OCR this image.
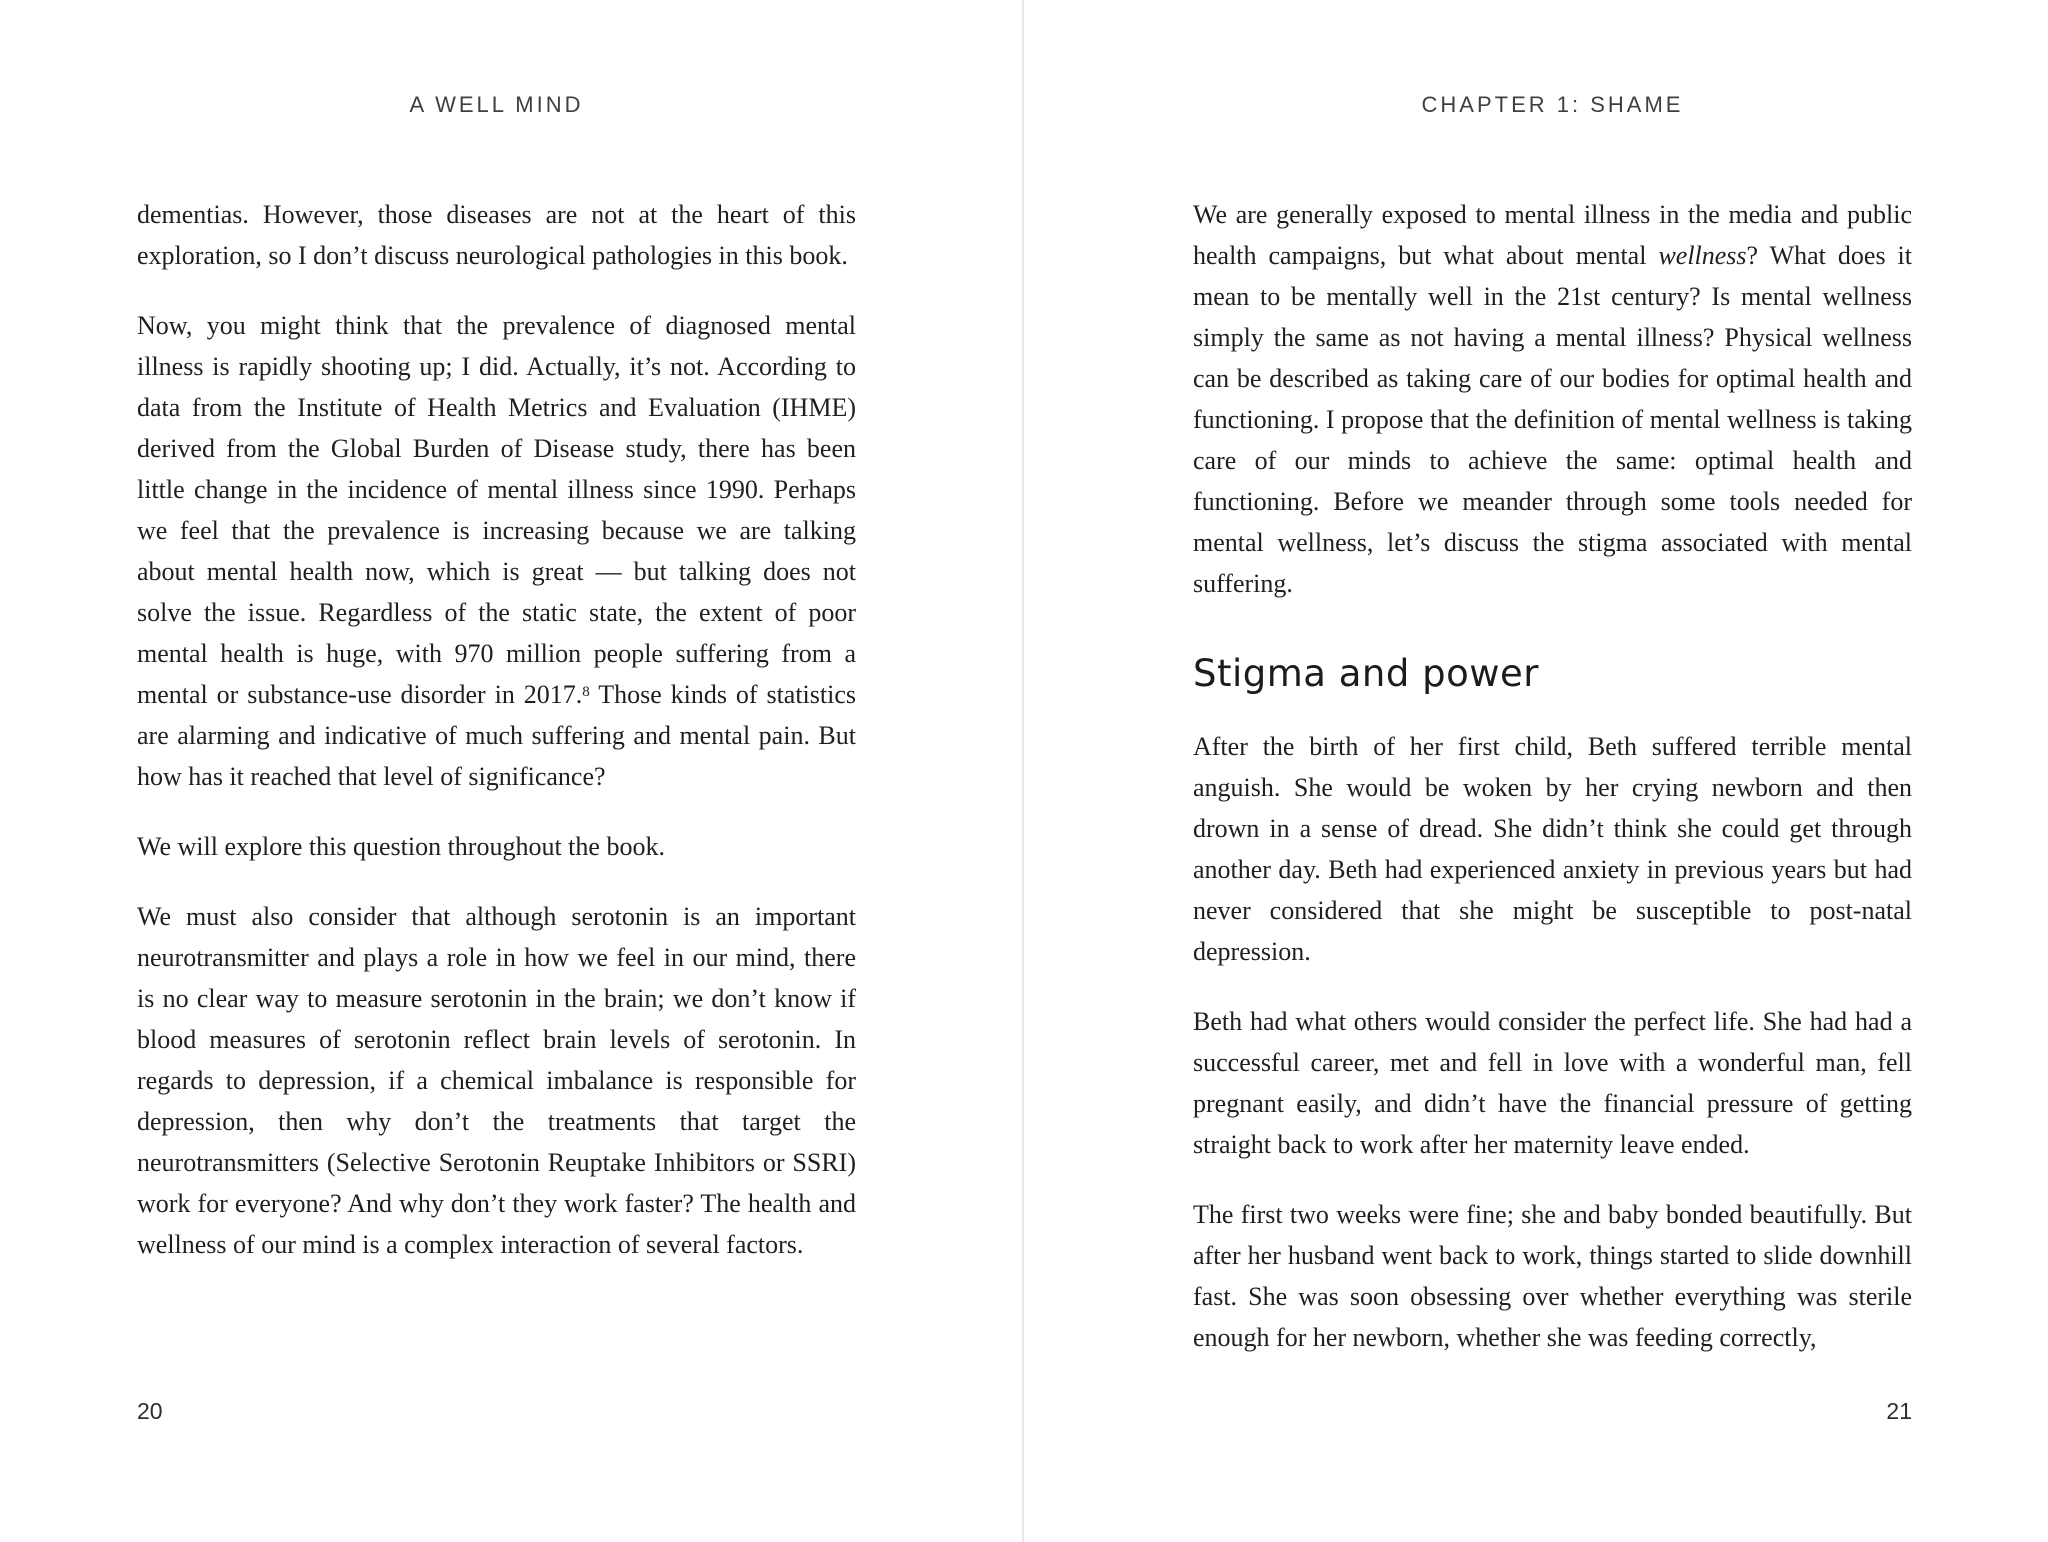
A WELL MIND

dementias. However, those diseases are not at the heart of this exploration, so I don’t discuss neurological pathologies in this book.

Now, you might think that the prevalence of diagnosed mental illness is rapidly shooting up; I did. Actually, it’s not. According to data from the Institute of Health Metrics and Evaluation (IHME) derived from the Global Burden of Disease study, there has been little change in the incidence of mental illness since 1990. Perhaps we feel that the prevalence is increasing because we are talking about mental health now, which is great — but talking does not solve the issue. Regardless of the static state, the extent of poor mental health is huge, with 970 million people suffering from a mental or substance-use disorder in 2017.$^8$ Those kinds of statistics are alarming and indicative of much suffering and mental pain. But how has it reached that level of significance?

We will explore this question throughout the book.

We must also consider that although serotonin is an important neurotransmitter and plays a role in how we feel in our mind, there is no clear way to measure serotonin in the brain; we don’t know if blood measures of serotonin reflect brain levels of serotonin. In regards to depression, if a chemical imbalance is responsible for depression, then why don’t the treatments that target the neurotransmitters (Selective Serotonin Reuptake Inhibitors or SSRI) work for everyone? And why don’t they work faster? The health and wellness of our mind is a complex interaction of several factors.

20
CHAPTER 1: SHAME

We are generally exposed to mental illness in the media and public health campaigns, but what about mental wellness? What does it mean to be mentally well in the 21st century? Is mental wellness simply the same as not having a mental illness? Physical wellness can be described as taking care of our bodies for optimal health and functioning. I propose that the definition of mental wellness is taking care of our minds to achieve the same: optimal health and functioning. Before we meander through some tools needed for mental wellness, let’s discuss the stigma associated with mental suffering.

Stigma and power

After the birth of her first child, Beth suffered terrible mental anguish. She would be woken by her crying newborn and then drown in a sense of dread. She didn’t think she could get through another day. Beth had experienced anxiety in previous years but had never considered that she might be susceptible to post-natal depression.

Beth had what others would consider the perfect life. She had had a successful career, met and fell in love with a wonderful man, fell pregnant easily, and didn’t have the financial pressure of getting straight back to work after her maternity leave ended.

The first two weeks were fine; she and baby bonded beautifully. But after her husband went back to work, things started to slide downhill fast. She was soon obsessing over whether everything was sterile enough for her newborn, whether she was feeding correctly,

21
